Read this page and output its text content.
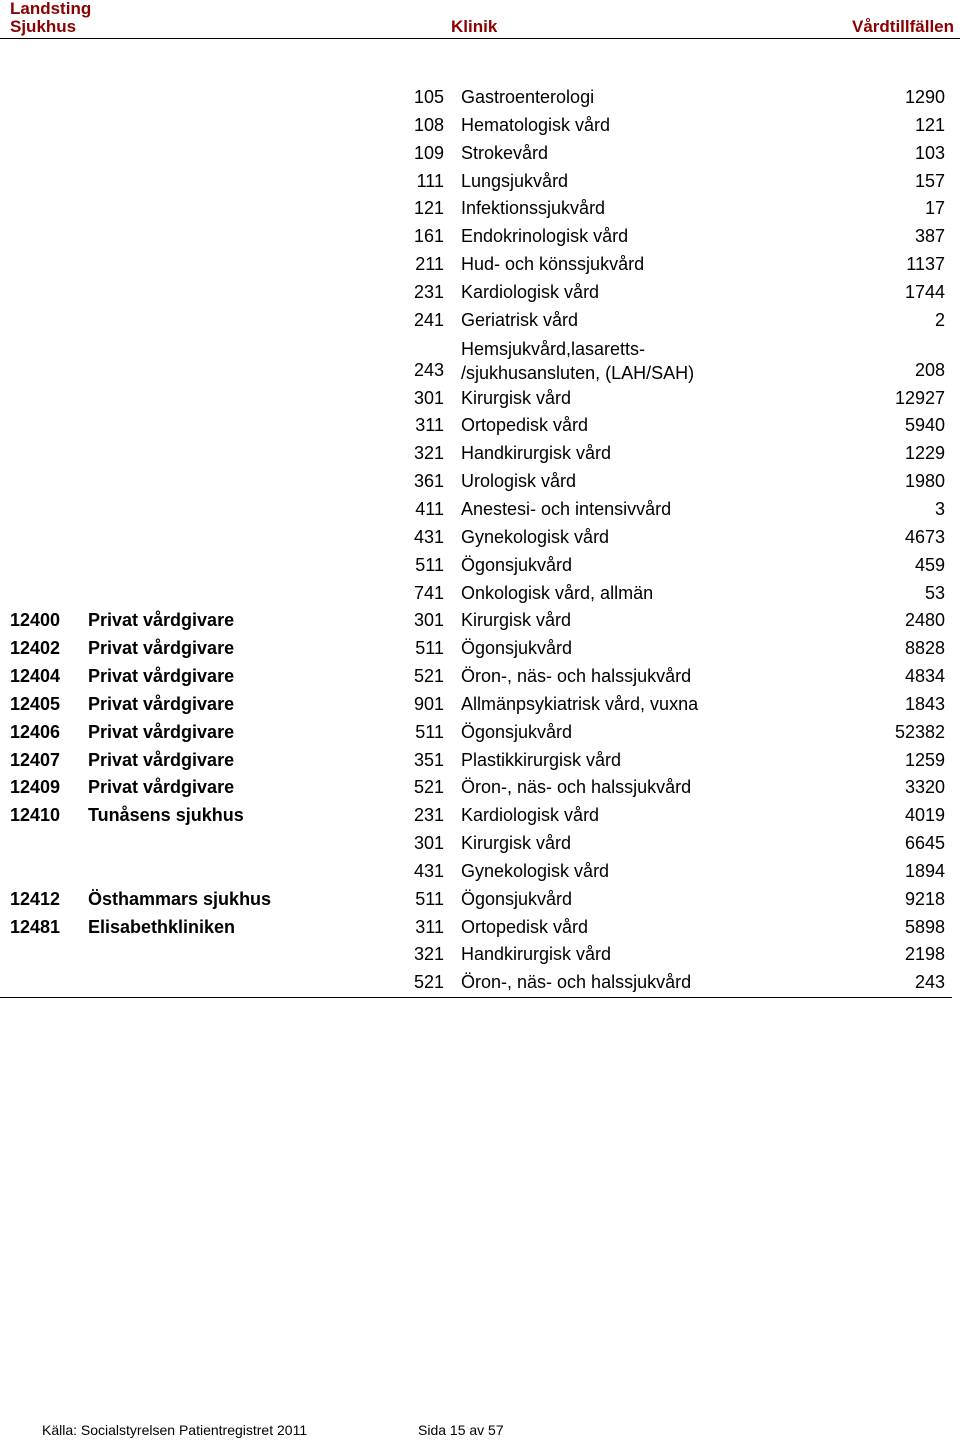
Landsting
Sjukhus	Klinik	Vårdtillfällen
105 Gastroenterologi	1290
108 Hematologisk vård	121
109 Strokevård	103
111 Lungsjukvård	157
121 Infektionssjukvård	17
161 Endokrinologisk vård	387
211 Hud- och könssjukvård	1137
231 Kardiologisk vård	1744
241 Geriatrisk vård	2
243
Hemsjukvård,lasaretts-
/sjukhusansluten, (LAH/SAH)	208
301 Kirurgisk vård	12927
311 Ortopedisk vård	5940
321 Handkirurgisk vård	1229
361 Urologisk vård	1980
411 Anestesi- och intensivvård	3
431 Gynekologisk vård	4673
511 Ögonsjukvård	459
741 Onkologisk vård, allmän	53
12400 Privat vårdgivare	301 Kirurgisk vård	2480
12402 Privat vårdgivare	511 Ögonsjukvård	8828
12404 Privat vårdgivare	521 Öron-, näs- och halssjukvård	4834
12405 Privat vårdgivare	901 Allmänpsykiatrisk vård, vuxna	1843
12406 Privat vårdgivare	511 Ögonsjukvård	52382
12407 Privat vårdgivare	351 Plastikkirurgisk vård	1259
12409 Privat vårdgivare	521 Öron-, näs- och halssjukvård	3320
12410 Tunåsens sjukhus	231 Kardiologisk vård	4019
301 Kirurgisk vård	6645
431 Gynekologisk vård	1894
12412 Östhammars sjukhus	511 Ögonsjukvård	9218
12481 Elisabethkliniken	311 Ortopedisk vård	5898
321 Handkirurgisk vård	2198
521 Öron-, näs- och halssjukvård	243
Källa: Socialstyrelsen Patientregistret 2011	Sida 15 av 57
